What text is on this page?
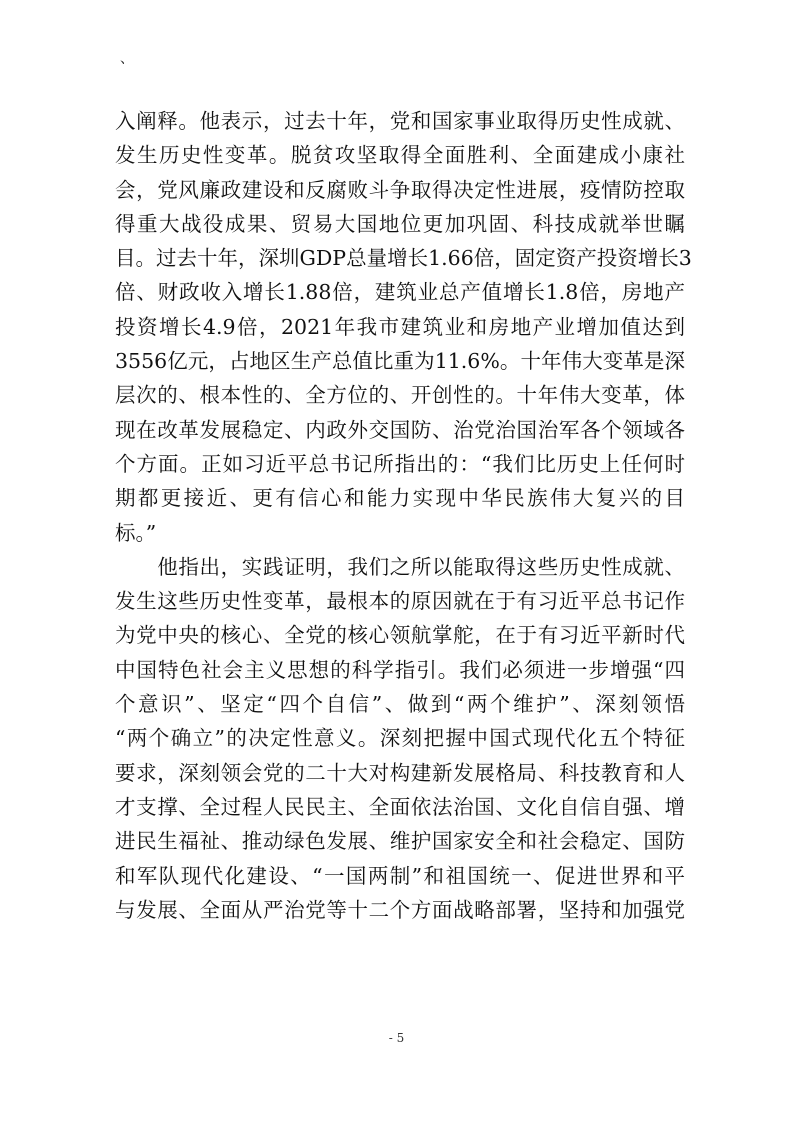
、
入阐释。他表示，过去十年，党和国家事业取得历史性成就、
发生历史性变革。脱贫攻坚取得全面胜利、全面建成小康社
会，党风廉政建设和反腐败斗争取得决定性进展，疫情防控取
得重大战役成果、贸易大国地位更加巩固、科技成就举世瞩
目。过去十年，深圳GDP总量增长1.66倍，固定资产投资增长3
倍、财政收入增长1.88倍，建筑业总产值增长1.8倍，房地产
投资增长4.9倍，2021年我市建筑业和房地产业增加值达到
3556亿元，占地区生产总值比重为11.6%。十年伟大变革是深
层次的、根本性的、全方位的、开创性的。十年伟大变革，体
现在改革发展稳定、内政外交国防、治党治国治军各个领域各
个方面。正如习近平总书记所指出的：“我们比历史上任何时
期都更接近、更有信心和能力实现中华民族伟大复兴的目
标。”
　　他指出，实践证明，我们之所以能取得这些历史性成就、
发生这些历史性变革，最根本的原因就在于有习近平总书记作
为党中央的核心、全党的核心领航掌舵，在于有习近平新时代
中国特色社会主义思想的科学指引。我们必须进一步增强“四
个意识”、坚定“四个自信”、做到“两个维护”、深刻领悟
“两个确立”的决定性意义。深刻把握中国式现代化五个特征
要求，深刻领会党的二十大对构建新发展格局、科技教育和人
才支撑、全过程人民民主、全面依法治国、文化自信自强、增
进民生福祉、推动绿色发展、维护国家安全和社会稳定、国防
和军队现代化建设、“一国两制”和祖国统一、促进世界和平
与发展、全面从严治党等十二个方面战略部署，坚持和加强党
- 5
